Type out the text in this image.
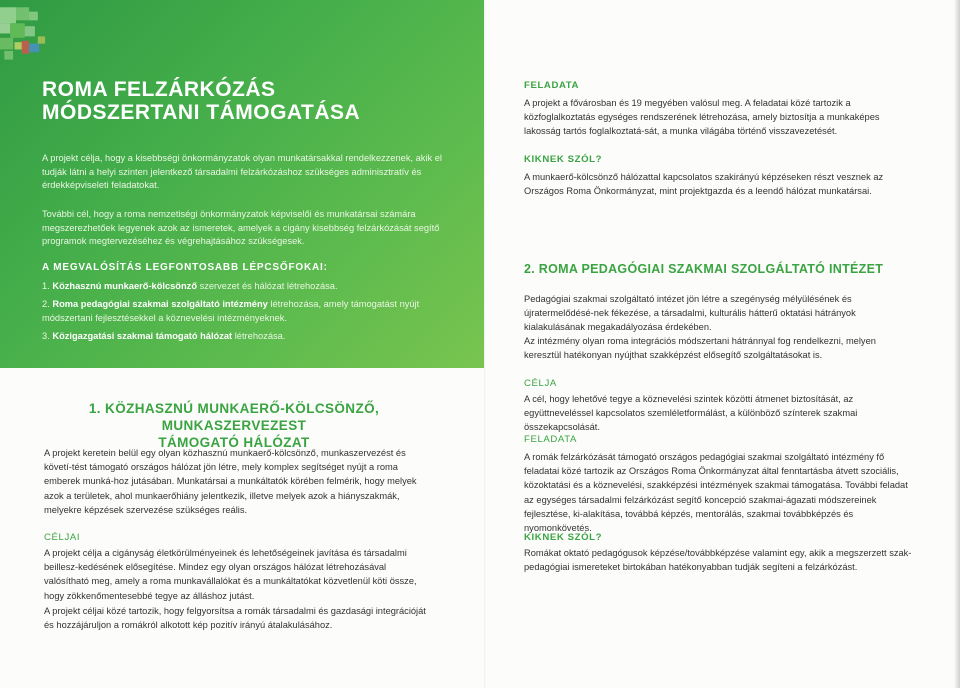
ROMA FELZÁRKÓZÁS
MÓDSZERTANI TÁMOGATÁSA
A projekt célja, hogy a kisebbségi önkormányzatok olyan munkatársakkal rendelkezzenek, akik el tudják látni a helyi szinten jelentkező társadalmi felzárkózáshoz szükséges adminisztratív és érdekképviseleti feladatokat.
További cél, hogy a roma nemzetiségi önkormányzatok képviselői és munkatársai számára megszerezhetőek legyenek azok az ismeretek, amelyek a cigány kisebbség felzárkózását segítő programok megtervezéséhez és végrehajtásához szükségesek.
A MEGVALÓSÍTÁS LEGFONTOSABB LÉPCSŐFOKAI:
1. Közhasznú munkaerő-kölcsönző szervezet és hálózat létrehozása.
2. Roma pedagógiai szakmai szolgáltató intézmény létrehozása, amely támogatást nyújt módszertani fejlesztésekkel a köznevelési intézményeknek.
3. Közigazgatási szakmai támogató hálózat létrehozása.
1. KÖZHASZNÚ MUNKAERŐ-KÖLCSÖNZŐ, MUNKASZERVEZEST
TÁMOGATÓ HÁLÓZAT
A projekt keretein belül egy olyan közhasznú munkaerő-kölcsönző, munkaszervezést és követí-tést támogató országos hálózat jön létre, mely komplex segítséget nyújt a roma emberek munká-hoz jutásában. Munkatársai a munkáltatók körében felmérik, hogy melyek azok a területek, ahol munkaerőhiány jelentkezik, illetve melyek azok a hiányszakmák, melyekre képzések szervezése szükséges reális.
CÉLJAI
A projekt célja a cigányság életkörülményeinek és lehetőségeinek javítása és társadalmi beillesz-kedésének elősegítése. Mindez egy olyan országos hálózat létrehozásával valósítható meg, amely a roma munkavállalókat és a munkáltatókat közvetlenül köti össze, hogy zökkenőmentesebbé tegye az álláshoz jutást.
A projekt céljai közé tartozik, hogy felgyorsítsa a romák társadalmi és gazdasági integrációját és hozzájáruljon a romákról alkotott kép pozitív irányú átalakulásához.
FELADATA
A projekt a fővárosban és 19 megyében valósul meg. A feladatai közé tartozik a közfoglalkoztatás egységes rendszerének létrehozása, amely biztosítja a munkaképes lakosság tartós foglalkoztatá-sát, a munka világába történő visszavezetését.
KIKNEK SZÓL?
A munkaerő-kölcsönző hálózattal kapcsolatos szakirányú képzéseken részt vesznek az Országos Roma Önkormányzat, mint projektgazda és a leendő hálózat munkatársai.
2. ROMA PEDAGÓGIAI SZAKMAI SZOLGÁLTATÓ INTÉZET
Pedagógiai szakmai szolgáltató intézet jön létre a szegénység mélyülésének és újratermelődésé-nek fékezése, a társadalmi, kulturális hátterű oktatási hátrányok kialakulásának megakadályozása érdekében.
Az intézmény olyan roma integrációs módszertani hátránnyal fog rendelkezni, melyen keresztül hatékonyan nyújthat szakképzést elősegítő szolgáltatásokat is.
CÉLJA
A cél, hogy lehetővé tegye a köznevelési szintek közötti átmenet biztosítását, az együttneveléssel kapcsolatos szemléletformálást, a különböző színterek szakmai összekapcsolását.
FELADATA
A romák felzárkózását támogató országos pedagógiai szakmai szolgáltató intézmény fő feladatai közé tartozik az Országos Roma Önkormányzat által fenntartásba átvett szociális, közoktatási és a köznevelési, szakképzési intézmények szakmai támogatása. További feladat az egységes társadalmi felzárkózást segítő koncepció szakmai-ágazati módszereinek fejlesztése, ki-alakítása, továbbá képzés, mentorálás, szakmai továbbképzés és nyomonkövetés.
KIKNEK SZÓL?
Romákat oktató pedagógusok képzése/továbbképzése valamint egy, akik a megszerzett szak-pedagógiai ismereteket birtokában hatékonyabban tudják segíteni a felzárkózást.
